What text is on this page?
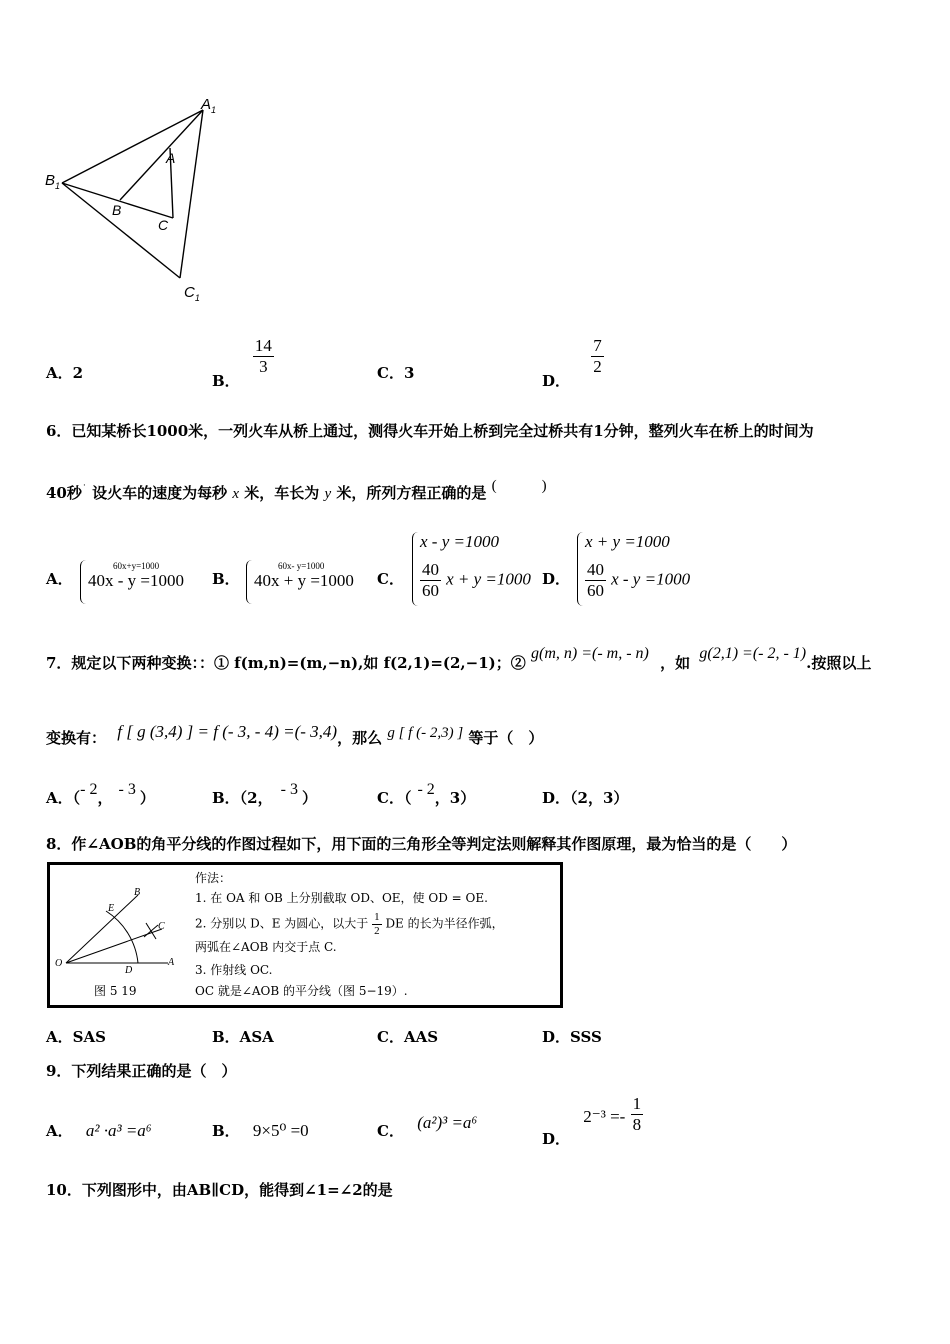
$A_1$
$B_1$
$C_1$
A
B
C
A．2	B．
$\frac{14}{3}$	C．3	D．
$\frac{7}{2}$
6．已知某桥长1000米，一列火车从桥上通过，测得火车开始上桥到完全过桥共有1分钟，整列火车在桥上的时间为
40秒˙ 设火车的速度为每秒 x 米，车长为 y 米，所列方程正确的是 (　　　)
A．
60x+y=1000
40x - y =1000 B．
60x- y=1000
40x + y =1000 C．
x - y =1000
$\frac{40}{60}$ x + y =1000 D．
x + y =1000
$\frac{40}{60}$ x - y =1000
7．规定以下两种变换：：① f(m,n)=(m,−n),如 f(2,1)=(2,−1)；② g(m, n) =(- m, - n) ，如 g(2,1) =(- 2, - 1).按照以上
变换有： f [ g (3,4) ] = f (- 3, - 4) =(- 3,4)，那么 g [ f (- 2,3) ] 等于（　）
A．（- 2， - 3 ）	B．（2， - 3 ）	C．（ - 2，3）	D．（2，3）
8．作∠AOB的角平分线的作图过程如下，用下面的三角形全等判定法则解释其作图原理，最为恰当的是（　　）
B
E
C
O
D
A
图 5 19
作法：
1. 在 OA 和 OB 上分别截取 OD、OE，使 OD = OE.
2. 分别以 D、E 为圆心，以大于 $\frac{1}{2}$ DE 的长为半径作弧，
两弧在∠AOB 内交于点 C.
3. 作射线 OC.
OC 就是∠AOB 的平分线（图 5−19）.
A．SAS	B．ASA	C．AAS	D．SSS
9．下列结果正确的是（　）
A． a² ·a³ =a⁶	B． 9×5⁰ =0	C． (a²)³ =a⁶
D． $2^{-3} =- \frac{1}{8}$
10．下列图形中，由AB∥CD，能得到∠1=∠2的是
